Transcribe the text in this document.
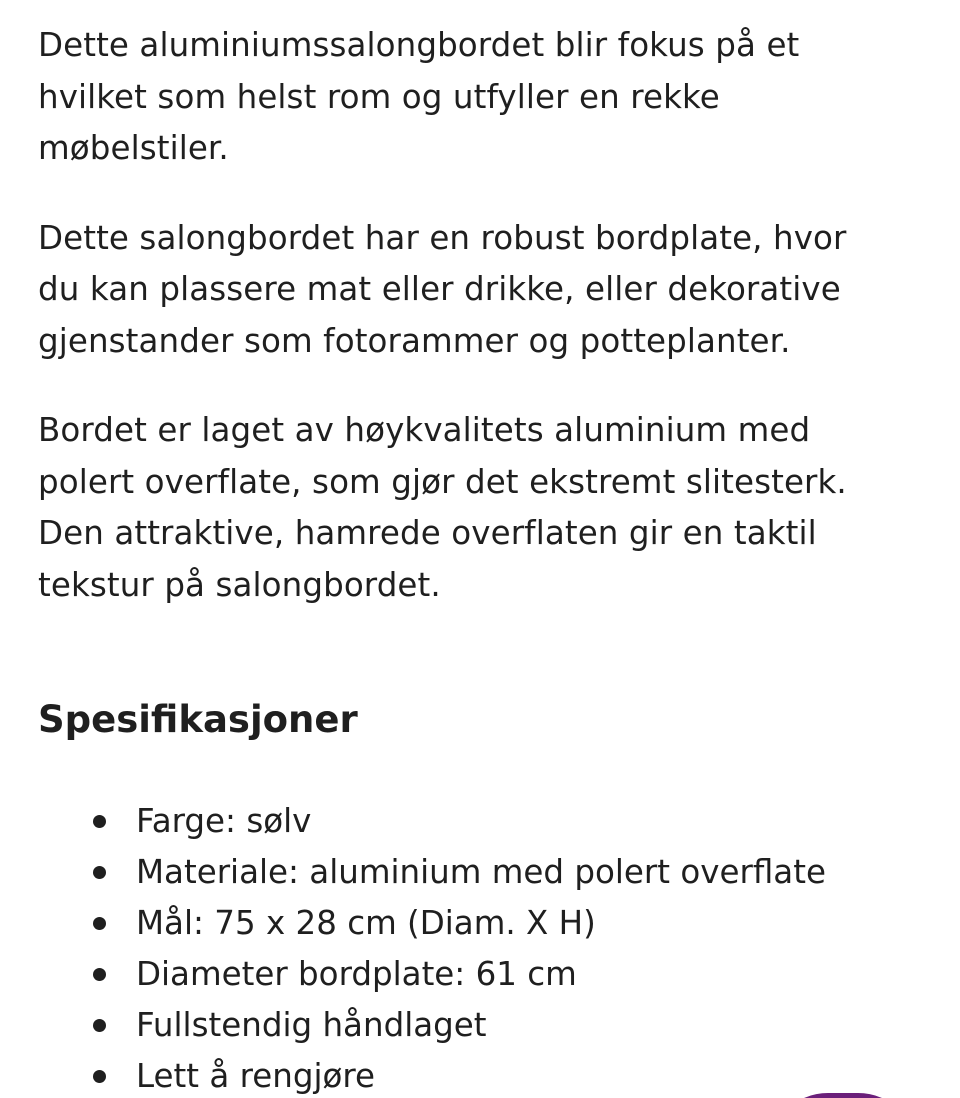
Dette aluminiumssalongbordet blir fokus på et
hvilket som helst rom og utfyller en rekke
møbelstiler.

Dette salongbordet har en robust bordplate, hvor
du kan plassere mat eller drikke, eller dekorative
gjenstander som fotorammer og potteplanter.

Bordet er laget av høykvalitets aluminium med
polert overflate, som gjør det ekstremt slitesterk.
Den attraktive, hamrede overflaten gir en taktil
tekstur på salongbordet.

Spesifikasjoner
Farge: sølv
Materiale: aluminium med polert overflate
Mål: 75 x 28 cm (Diam. X H)
Diameter bordplate: 61 cm
Fullstendig håndlaget
Lett å rengjøre
